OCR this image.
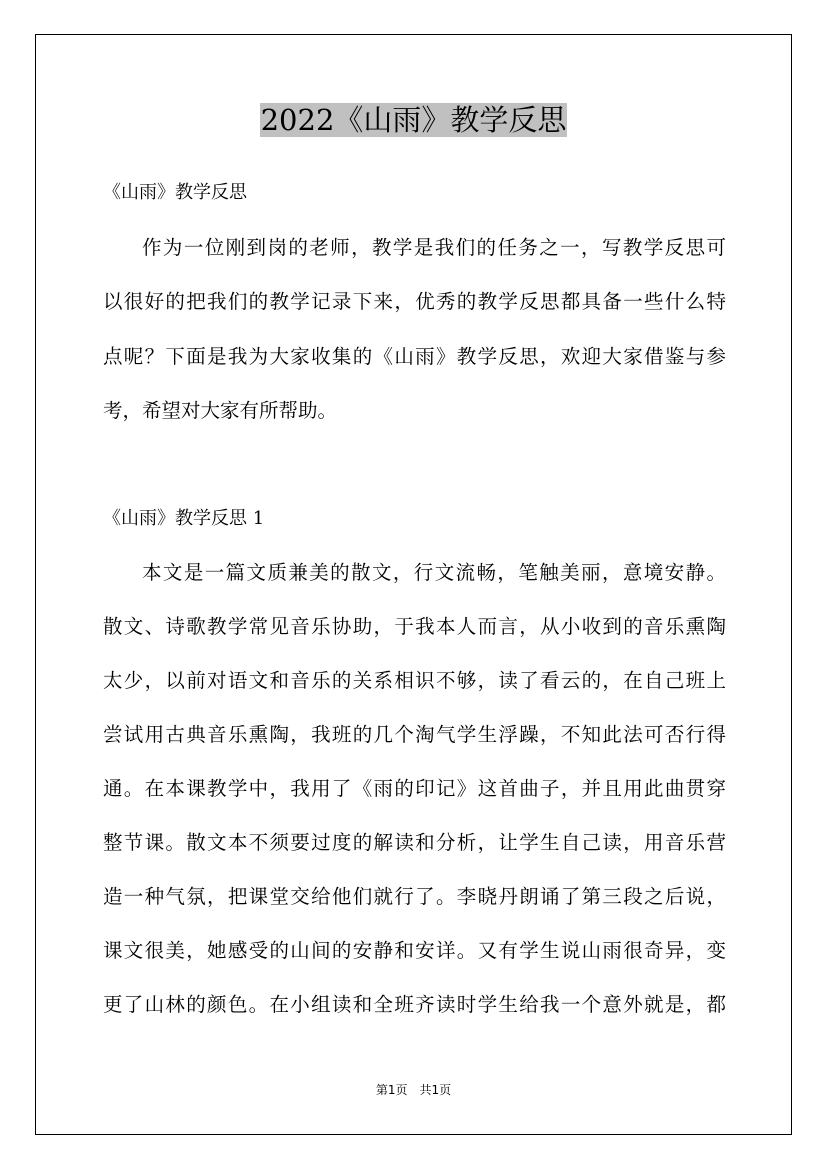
2022《山雨》教学反思
《山雨》教学反思
作为一位刚到岗的老师，教学是我们的任务之一，写教学反思可
以很好的把我们的教学记录下来，优秀的教学反思都具备一些什么特
点呢？下面是我为大家收集的《山雨》教学反思，欢迎大家借鉴与参
考，希望对大家有所帮助。
《山雨》教学反思 1
本文是一篇文质兼美的散文，行文流畅，笔触美丽，意境安静。
散文、诗歌教学常见音乐协助，于我本人而言，从小收到的音乐熏陶
太少，以前对语文和音乐的关系相识不够，读了看云的，在自己班上
尝试用古典音乐熏陶，我班的几个淘气学生浮躁，不知此法可否行得
通。在本课教学中，我用了《雨的印记》这首曲子，并且用此曲贯穿
整节课。散文本不须要过度的解读和分析，让学生自己读，用音乐营
造一种气氛，把课堂交给他们就行了。李晓丹朗诵了第三段之后说，
课文很美，她感受的山间的安静和安详。又有学生说山雨很奇异，变
更了山林的颜色。在小组读和全班齐读时学生给我一个意外就是，都
第1页　共1页
